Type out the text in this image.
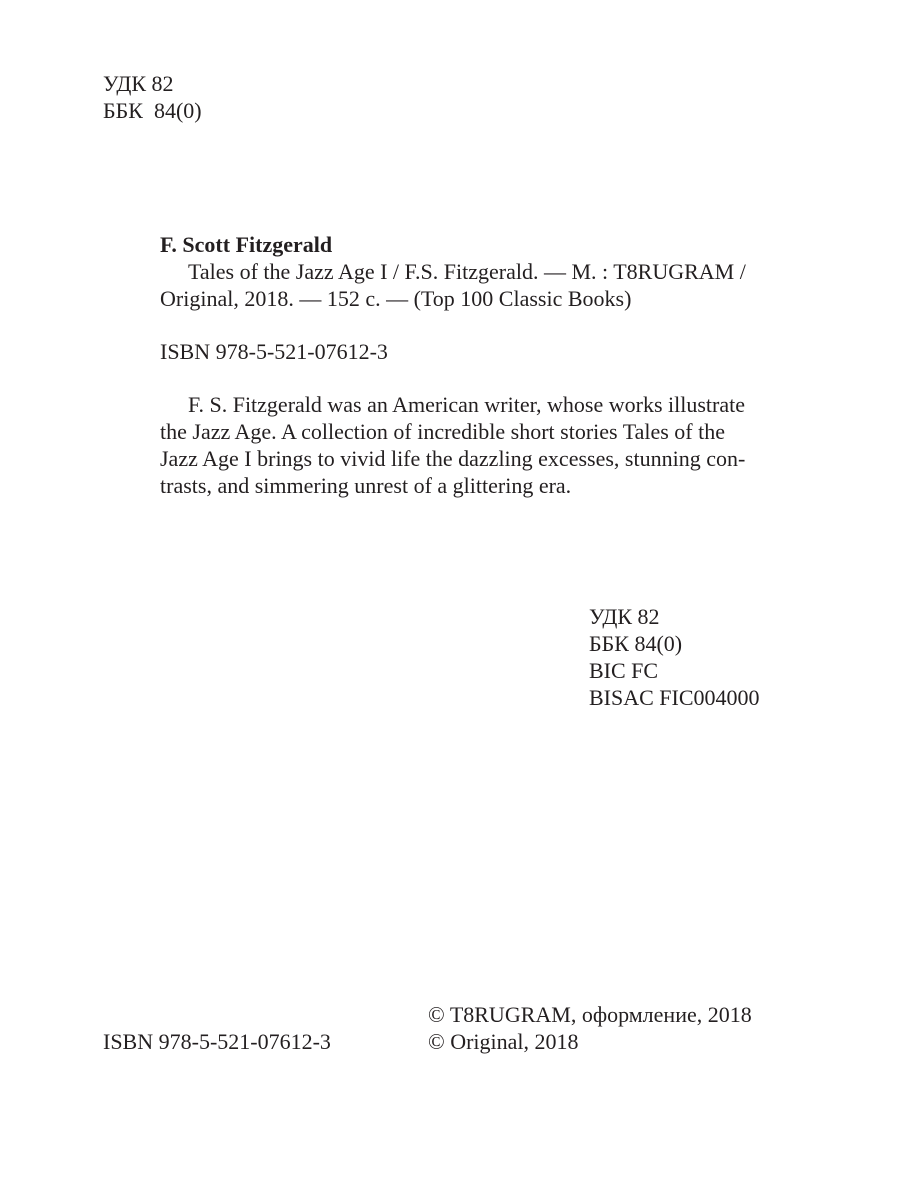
УДК 82
ББК  84(0)
F. Scott Fitzgerald
Tales of the Jazz Age I / F.S. Fitzgerald. — M. : T8RUGRAM /
Original, 2018. — 152 c. — (Top 100 Classic Books)
ISBN 978-5-521-07612-3
F. S. Fitzgerald was an American writer, whose works illustrate
the Jazz Age. A collection of incredible short stories Tales of the
Jazz Age I brings to vivid life the dazzling excesses, stunning con-
trasts, and simmering unrest of a glittering era.
УДК 82
ББК 84(0)
BIC FC
BISAC FIC004000
ISBN 978-5-521-07612-3
© T8RUGRAM, оформление, 2018
© Original, 2018
